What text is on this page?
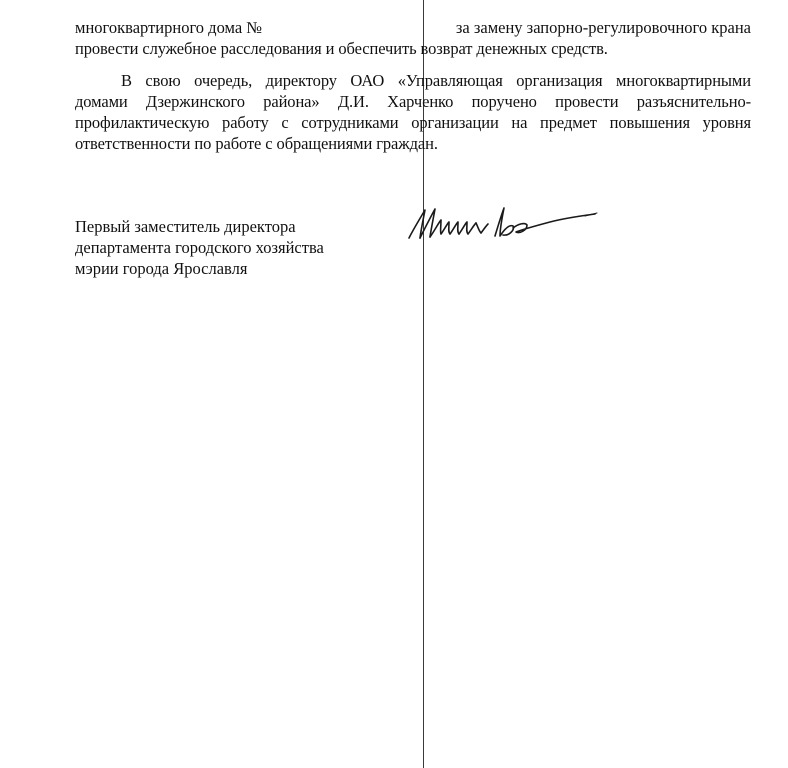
многоквартирного дома №	за замену запорно-регулировочного крана
провести служебное расследования и обеспечить возврат денежных средств.
В свою очередь, директору ОАО «Управляющая организация многоквартирными
домами Дзержинского района» Д.И. Харченко поручено провести разъяснительно-
профилактическую работу с сотрудниками организации на предмет повышения уровня
ответственности по работе с обращениями граждан.
Первый заместитель директора
департамента городского хозяйства
мэрии города Ярославля
